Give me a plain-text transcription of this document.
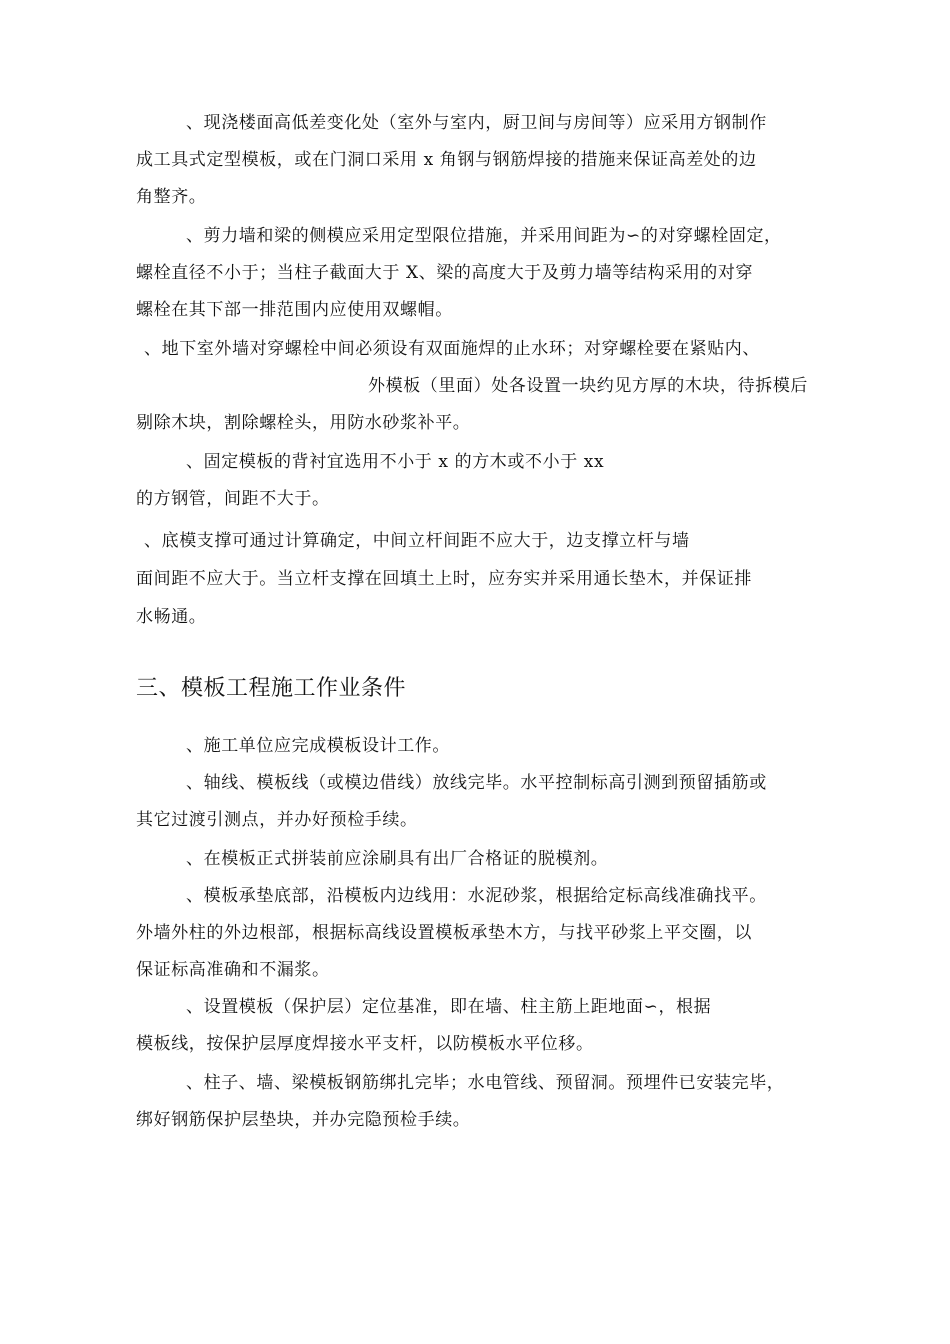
、现浇楼面高低差变化处（室外与室内，厨卫间与房间等）应采用方钢制作
成工具式定型模板，或在门洞口采用 x 角钢与钢筋焊接的措施来保证高差处的边
角整齐。
、剪力墙和梁的侧模应采用定型限位措施，并采用间距为∽的对穿螺栓固定，
螺栓直径不小于；当柱子截面大于 X、梁的高度大于及剪力墙等结构采用的对穿
螺栓在其下部一排范围内应使用双螺帽。
、地下室外墙对穿螺栓中间必须设有双面施焊的止水环；对穿螺栓要在紧贴内、
外模板（里面）处各设置一块约见方厚的木块，待拆模后
剔除木块，割除螺栓头，用防水砂浆补平。
、固定模板的背衬宜选用不小于 x 的方木或不小于 xx
的方钢管，间距不大于。
、底模支撑可通过计算确定，中间立杆间距不应大于，边支撑立杆与墙
面间距不应大于。当立杆支撑在回填土上时，应夯实并采用通长垫木，并保证排
水畅通。
三、模板工程施工作业条件
、施工单位应完成模板设计工作。
、轴线、模板线（或模边借线）放线完毕。水平控制标高引测到预留插筋或
其它过渡引测点，并办好预检手续。
、在模板正式拼装前应涂刷具有出厂合格证的脱模剂。
、模板承垫底部，沿模板内边线用：水泥砂浆，根据给定标高线准确找平。
外墙外柱的外边根部，根据标高线设置模板承垫木方，与找平砂浆上平交圈，以
保证标高准确和不漏浆。
、设置模板（保护层）定位基准，即在墙、柱主筋上距地面∽，根据
模板线，按保护层厚度焊接水平支杆，以防模板水平位移。
、柱子、墙、梁模板钢筋绑扎完毕；水电管线、预留洞。预埋件已安装完毕，
绑好钢筋保护层垫块，并办完隐预检手续。
